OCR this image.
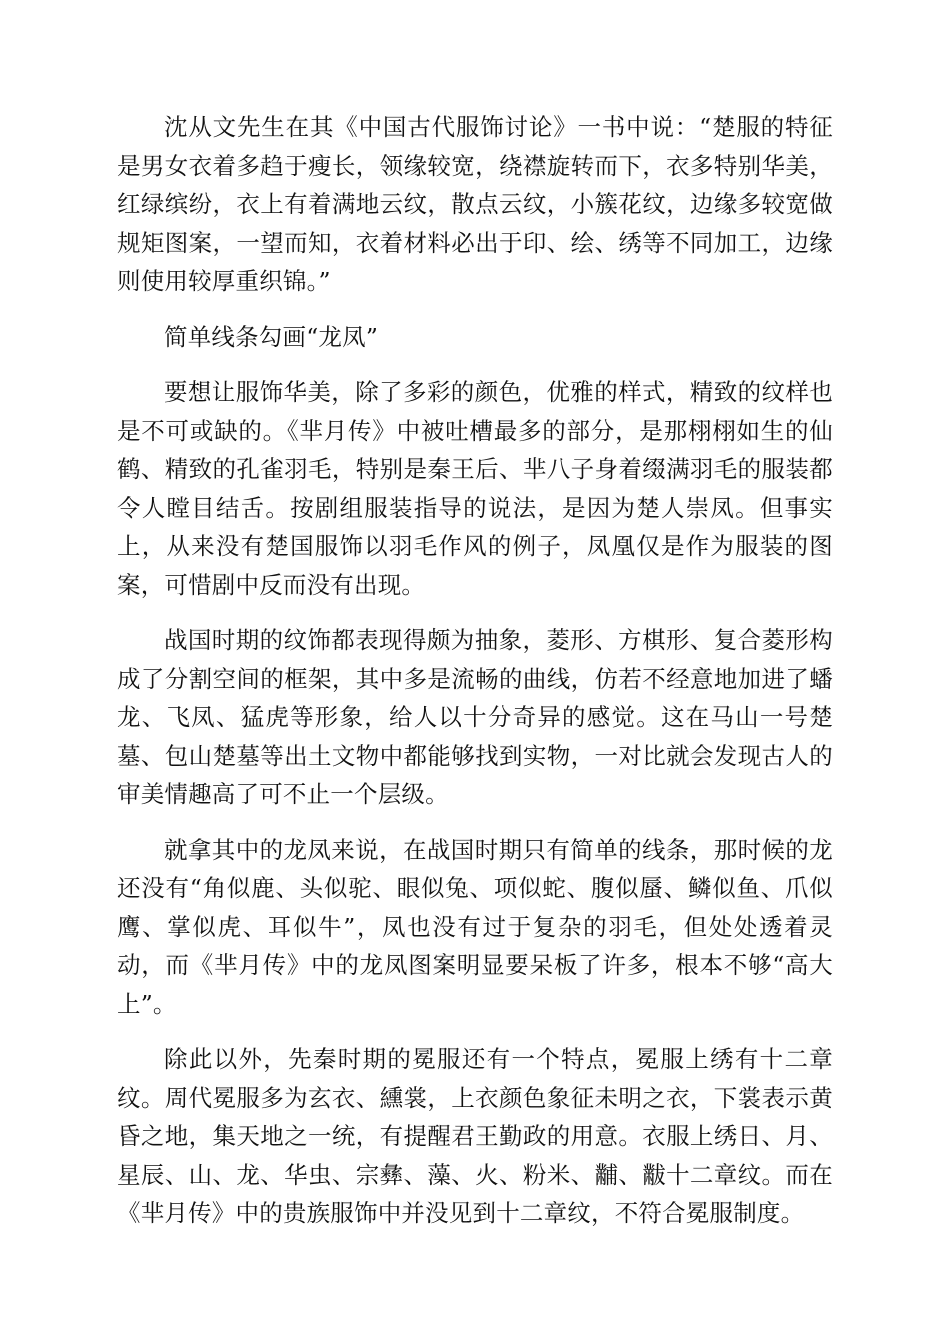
沈从文先生在其《中国古代服饰讨论》一书中说：“楚服的特征是男女衣着多趋于瘦长，领缘较宽，绕襟旋转而下，衣多特别华美，红绿缤纷，衣上有着满地云纹，散点云纹，小簇花纹，边缘多较宽做规矩图案，一望而知，衣着材料必出于印、绘、绣等不同加工，边缘则使用较厚重织锦。”

简单线条勾画“龙凤”

要想让服饰华美，除了多彩的颜色，优雅的样式，精致的纹样也是不可或缺的。《芈月传》中被吐槽最多的部分，是那栩栩如生的仙鹤、精致的孔雀羽毛，特别是秦王后、芈八子身着缀满羽毛的服装都令人瞠目结舌。按剧组服装指导的说法，是因为楚人崇凤。但事实上，从来没有楚国服饰以羽毛作风的例子，凤凰仅是作为服装的图案，可惜剧中反而没有出现。

战国时期的纹饰都表现得颇为抽象，菱形、方棋形、复合菱形构成了分割空间的框架，其中多是流畅的曲线，仿若不经意地加进了蟠龙、飞凤、猛虎等形象，给人以十分奇异的感觉。这在马山一号楚墓、包山楚墓等出土文物中都能够找到实物，一对比就会发现古人的审美情趣高了可不止一个层级。

就拿其中的龙凤来说，在战国时期只有简单的线条，那时候的龙还没有“角似鹿、头似驼、眼似兔、项似蛇、腹似蜃、鳞似鱼、爪似鹰、掌似虎、耳似牛”，凤也没有过于复杂的羽毛，但处处透着灵动，而《芈月传》中的龙凤图案明显要呆板了许多，根本不够“高大上”。

除此以外，先秦时期的冕服还有一个特点，冕服上绣有十二章纹。周代冕服多为玄衣、纁裳，上衣颜色象征未明之衣，下裳表示黄昏之地，集天地之一统，有提醒君王勤政的用意。衣服上绣日、月、星辰、山、龙、华虫、宗彝、藻、火、粉米、黼、黻十二章纹。而在《芈月传》中的贵族服饰中并没见到十二章纹，不符合冕服制度。
